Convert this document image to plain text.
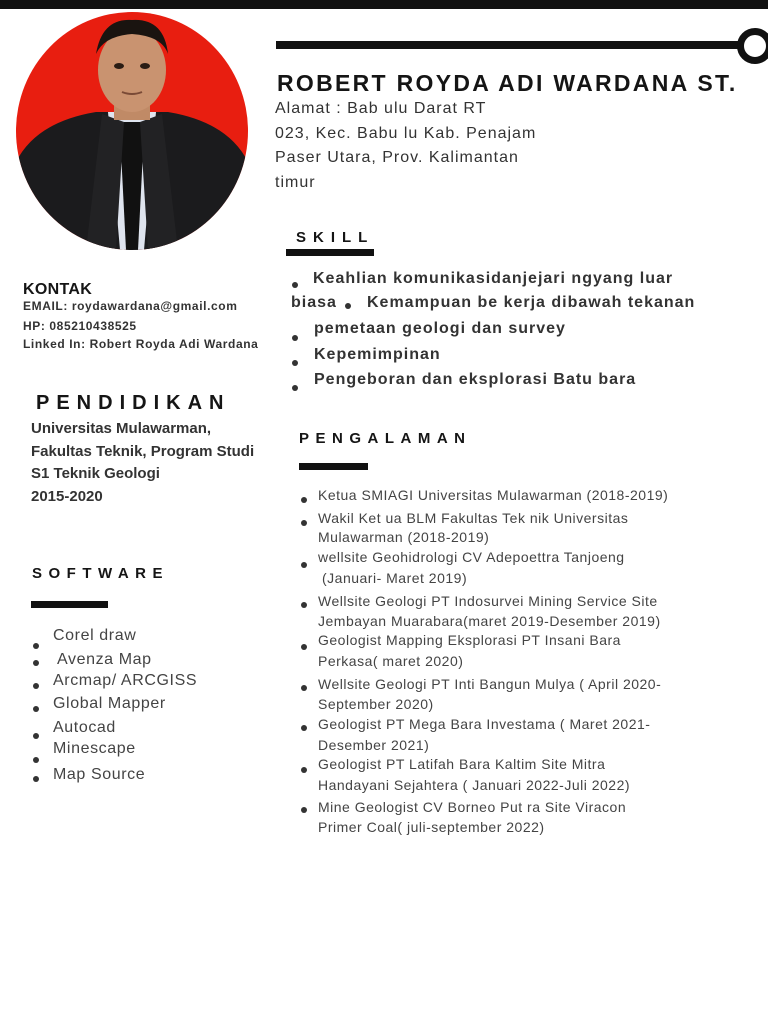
ROBERT ROYDA ADI WARDANA ST.
Alamat : Bab ulu Darat RT
023, Kec. Babu lu Kab. Penajam
Paser Utara, Prov. Kalimantan
timur
KONTAK
EMAIL: roydawardana@gmail.com
HP: 085210438525
Linked In: Robert Royda Adi Wardana
PENDIDIKAN
Universitas Mulawarman, Fakultas Teknik, Program Studi S1 Teknik Geologi
2015-2020
SOFTWARE
Corel draw
Avenza Map
Arcmap/ ARCGISS
Global Mapper
Autocad
Minescape
Map Source
SKILL
Keahlian komunikasidanjejari ngyang luar
biasa Kemampuan be kerja dibawah tekanan
pemetaan geologi dan survey
Kepemimpinan
Pengeboran dan eksplorasi Batu bara
PENGALAMAN
Ketua SMIAGI Universitas Mulawarman (2018-2019)
Wakil Ket ua BLM Fakultas Tek nik Universitas
Mulawarman (2018-2019)
wellsite Geohidrologi CV Adepoettra Tanjoeng
(Januari- Maret 2019)
Wellsite Geologi PT Indosurvei Mining Service Site
Jembayan Muarabara(maret 2019-Desember 2019)
Geologist Mapping Eksplorasi PT Insani Bara
Perkasa( maret 2020)
Wellsite Geologi PT Inti Bangun Mulya ( April 2020-
September 2020)
Geologist PT Mega Bara Investama ( Maret 2021-
Desember 2021)
Geologist PT Latifah Bara Kaltim Site Mitra
Handayani Sejahtera ( Januari 2022-Juli 2022)
Mine Geologist CV Borneo Put ra Site Viracon
Primer Coal( juli-september 2022)
